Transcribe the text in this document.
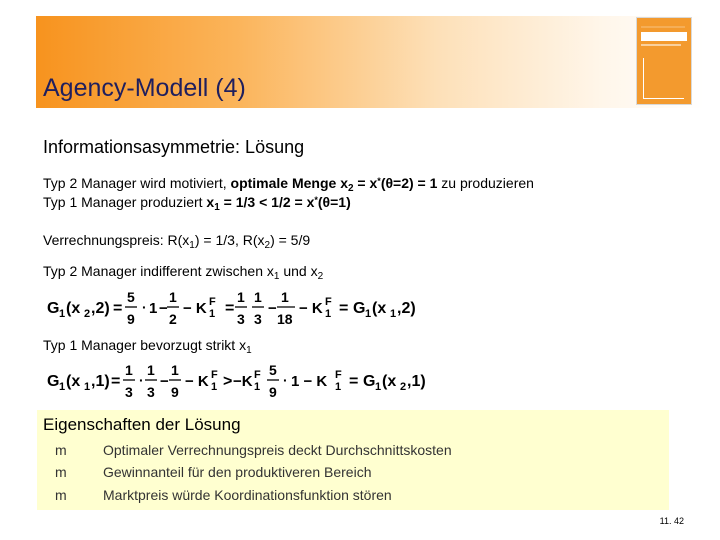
Agency-Modell (4)
Informationsasymmetrie: Lösung
Typ 2 Manager wird motiviert, optimale Menge $x_2 = x^*(\theta=2) = 1$ zu produzieren
Typ 1 Manager produziert $x_1 = 1/3 < 1/2 = x^*(\theta=1)$
Verrechnungspreis: $R(x_1) = 1/3$, $R(x_2) = 5/9$
Typ 2 Manager indifferent zwischen $x_1$ und $x_2$
G 1 (x 2 ,2) =
5
9
· 1 −
1
2
− K 1
F =
1
3
1
3
−
1
18
− K 1
F = G 1 (x 1 ,2)
Typ 1 Manager bevorzugt strikt $x_1$
G 1 (x 1 ,1) =
1
3
·
1
3
−
1
9
− K 1
F > −K 1
F 5
9
· 1 − K 1
F = G 1 (x 2 ,1)
Eigenschaften der Lösung
m	Optimaler Verrechnungspreis deckt Durchschnittskosten
m	Gewinnanteil für den produktiveren Bereich
m	Marktpreis würde Koordinationsfunktion stören
11. 42
